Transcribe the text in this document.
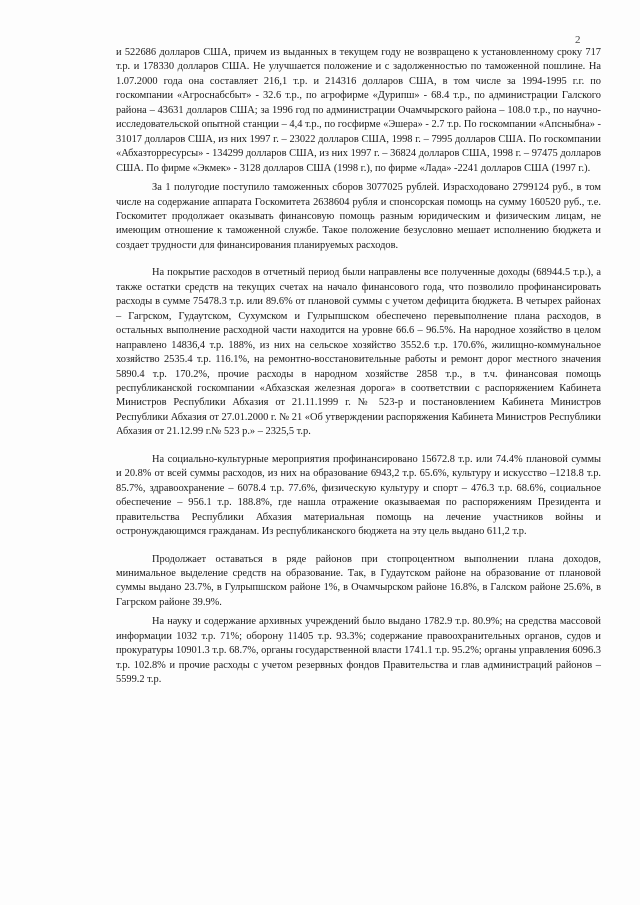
2

и 522686 долларов США, причем из выданных в текущем году не возвращено к установленному сроку 717 т.р. и 178330 долларов США. Не улучшается положение и с задолженностью по таможенной пошлине. На 1.07.2000 года она составляет 216,1 т.р. и 214316 долларов США, в том числе за 1994-1995 г.г. по госкомпании «Агроснабсбыт» - 32.6 т.р., по агрофирме «Дурипш» - 68.4 т.р., по администрации Галского района – 43631 долларов США; за 1996 год по администрации Очамчырского района – 108.0 т.р., по научно-исследовательской опытной станции – 4,4 т.р., по госфирме «Эшера» - 2.7 т.р. По госкомпании «Апсныбна» - 31017 долларов США, из них 1997 г. – 23022 долларов США, 1998 г. – 7995 долларов США. По госкомпании «Абхазторресурсы» - 134299 долларов США, из них 1997 г. – 36824 долларов США, 1998 г. – 97475 долларов США. По фирме «Экмек» - 3128 долларов США (1998 г.), по фирме «Лада» -2241 долларов США (1997 г.).

За 1 полугодие поступило таможенных сборов 3077025 рублей. Израсходовано 2799124 руб., в том числе на содержание аппарата Госкомитета 2638604 рубля и спонсорская помощь на сумму 160520 руб., т.е. Госкомитет продолжает оказывать финансовую помощь разным юридическим и физическим лицам, не имеющим отношение к таможенной службе. Такое положение безусловно мешает исполнению бюджета и создает трудности для финансирования планируемых расходов.

На покрытие расходов в отчетный период были направлены все полученные доходы (68944.5 т.р.), а также остатки средств на текущих счетах на начало финансового года, что позволило профинансировать расходы в сумме 75478.3 т.р. или 89.6% от плановой суммы с учетом дефицита бюджета. В четырех районах – Гагрском, Гудаутском, Сухумском и Гулрыпшском обеспечено перевыполнение плана расходов, в остальных выполнение расходной части находится на уровне 66.6 – 96.5%. На народное хозяйство в целом направлено 14836,4 т.р. 188%, из них на сельское хозяйство 3552.6 т.р. 170.6%, жилищно-коммунальное хозяйство 2535.4 т.р. 116.1%, на ремонтно-восстановительные работы и ремонт дорог местного значения 5890.4 т.р. 170.2%, прочие расходы в народном хозяйстве 2858 т.р., в т.ч. финансовая помощь республиканской госкомпании «Абхазская железная дорога» в соответствии с распоряжением Кабинета Министров Республики Абхазия от 21.11.1999 г. № 523-р и постановлением Кабинета Министров Республики Абхазия от 27.01.2000 г. № 21 «Об утверждении распоряжения Кабинета Министров Республики Абхазия от 21.12.99 г.№ 523 р.» – 2325,5 т.р.

На социально-культурные мероприятия профинансировано 15672.8 т.р. или 74.4% плановой суммы и 20.8% от всей суммы расходов, из них на образование 6943,2 т.р. 65.6%, культуру и искусство –1218.8 т.р. 85.7%, здравоохранение – 6078.4 т.р. 77.6%, физическую культуру и спорт – 476.3 т.р. 68.6%, социальное обеспечение – 956.1 т.р. 188.8%, где нашла отражение оказываемая по распоряжениям Президента и правительства Республики Абхазия материальная помощь на лечение участников войны и остронуждающимся гражданам. Из республиканского бюджета на эту цель выдано 611,2 т.р.

Продолжает оставаться в ряде районов при стопроцентном выполнении плана доходов, минимальное выделение средств на образование. Так, в Гудаутском районе на образование от плановой суммы выдано 23.7%, в Гулрыпшском районе 1%, в Очамчырском районе 16.8%, в Галском районе 25.6%, в Гагрском районе 39.9%.

На науку и содержание архивных учреждений было выдано 1782.9 т.р. 80.9%; на средства массовой информации 1032 т.р. 71%; оборону 11405 т.р. 93.3%; содержание правоохранительных органов, судов и прокуратуры 10901.3 т.р. 68.7%, органы государственной власти 1741.1 т.р. 95.2%; органы управления 6096.3 т.р. 102.8% и прочие расходы с учетом резервных фондов Правительства и глав администраций районов – 5599.2 т.р.
